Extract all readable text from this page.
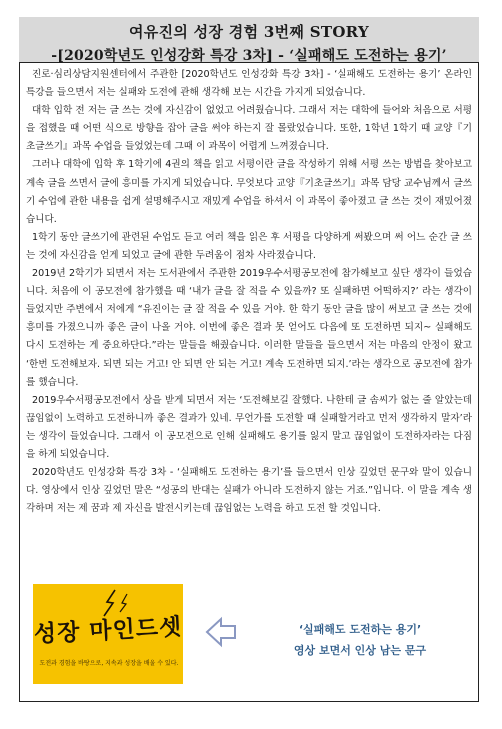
여유진의 성장 경험 3번째 STORY
-[2020학년도 인성강화 특강 3차] - ‘실패해도 도전하는 용기’

진로·심리상담지원센터에서 주관한 [2020학년도 인성강화 특강 3차] - ‘실패해도 도전하는 용기’ 온라인 특강을 들으면서 저는 실패와 도전에 관해 생각해 보는 시간을 가지게 되었습니다.

대학 입학 전 저는 글 쓰는 것에 자신감이 없었고 어려웠습니다. 그래서 저는 대학에 들어와 처음으로 서평을 접했을 때 어떤 식으로 방향을 잡아 글을 써야 하는지 잘 몰랐었습니다. 또한, 1학년 1학기 때 교양『기초글쓰기』과목 수업을 들었었는데 그때 이 과목이 어렵게 느껴졌습니다.

그러나 대학에 입학 후 1학기에 4권의 책을 읽고 서평이란 글을 작성하기 위해 서평 쓰는 방법을 찾아보고 계속 글을 쓰면서 글에 흥미를 가지게 되었습니다. 무엇보다 교양『기초글쓰기』과목 담당 교수님께서 글쓰기 수업에 관한 내용을 쉽게 설명해주시고 재밌게 수업을 하셔서 이 과목이 좋아졌고 글 쓰는 것이 재밌어졌습니다.

1학기 동안 글쓰기에 관련된 수업도 듣고 여러 책을 읽은 후 서평을 다양하게 써봤으며 써 어느 순간 글 쓰는 것에 자신감을 얻게 되었고 글에 관한 두려움이 점차 사라졌습니다.

2019년 2학기가 되면서 저는 도서관에서 주관한 2019우수서평공모전에 참가해보고 싶단 생각이 들었습니다. 처음에 이 공모전에 참가했을 때 ‘내가 글을 잘 적을 수 있을까? 또 실패하면 어떡하지?’ 라는 생각이 들었지만 주변에서 저에게 “유진이는 글 잘 적을 수 있을 거야. 한 학기 동안 글을 많이 써보고 글 쓰는 것에 흥미를 가졌으니까 좋은 글이 나올 거야. 이번에 좋은 결과 못 얻어도 다음에 또 도전하면 되지~ 실패해도 다시 도전하는 게 중요하단다.”라는 말들을 해줬습니다. 이러한 말들을 들으면서 저는 마음의 안정이 왔고 ‘한번 도전해보자. 되면 되는 거고! 안 되면 안 되는 거고! 계속 도전하면 되지.’라는 생각으로 공모전에 참가를 했습니다.

2019우수서평공모전에서 상을 받게 되면서 저는 ‘도전해보길 잘했다. 나한테 글 솜씨가 없는 줄 알았는데 끊임없이 노력하고 도전하니까 좋은 결과가 있네. 무언가를 도전할 때 실패할거라고 먼저 생각하지 말자’라는 생각이 들었습니다. 그래서 이 공모전으로 인해 실패해도 용기를 잃지 말고 끊임없이 도전하자라는 다짐을 하게 되었습니다.

2020학년도 인성강화 특강 3차 - ‘실패해도 도전하는 용기’를 들으면서 인상 깊었던 문구와 말이 있습니다. 영상에서 인상 깊었던 말은 “성공의 반대는 실패가 아니라 도전하지 않는 거죠.”입니다. 이 말을 계속 생각하며 저는 제 꿈과 제 자신을 발전시키는데 끊임없는 노력을 하고 도전 할 것입니다.

성장 마인드셋
도전과 경험을 바탕으로, 지속과 성장을 배울 수 있다.
‘실패해도 도전하는 용기’
영상 보면서 인상 남는 문구
